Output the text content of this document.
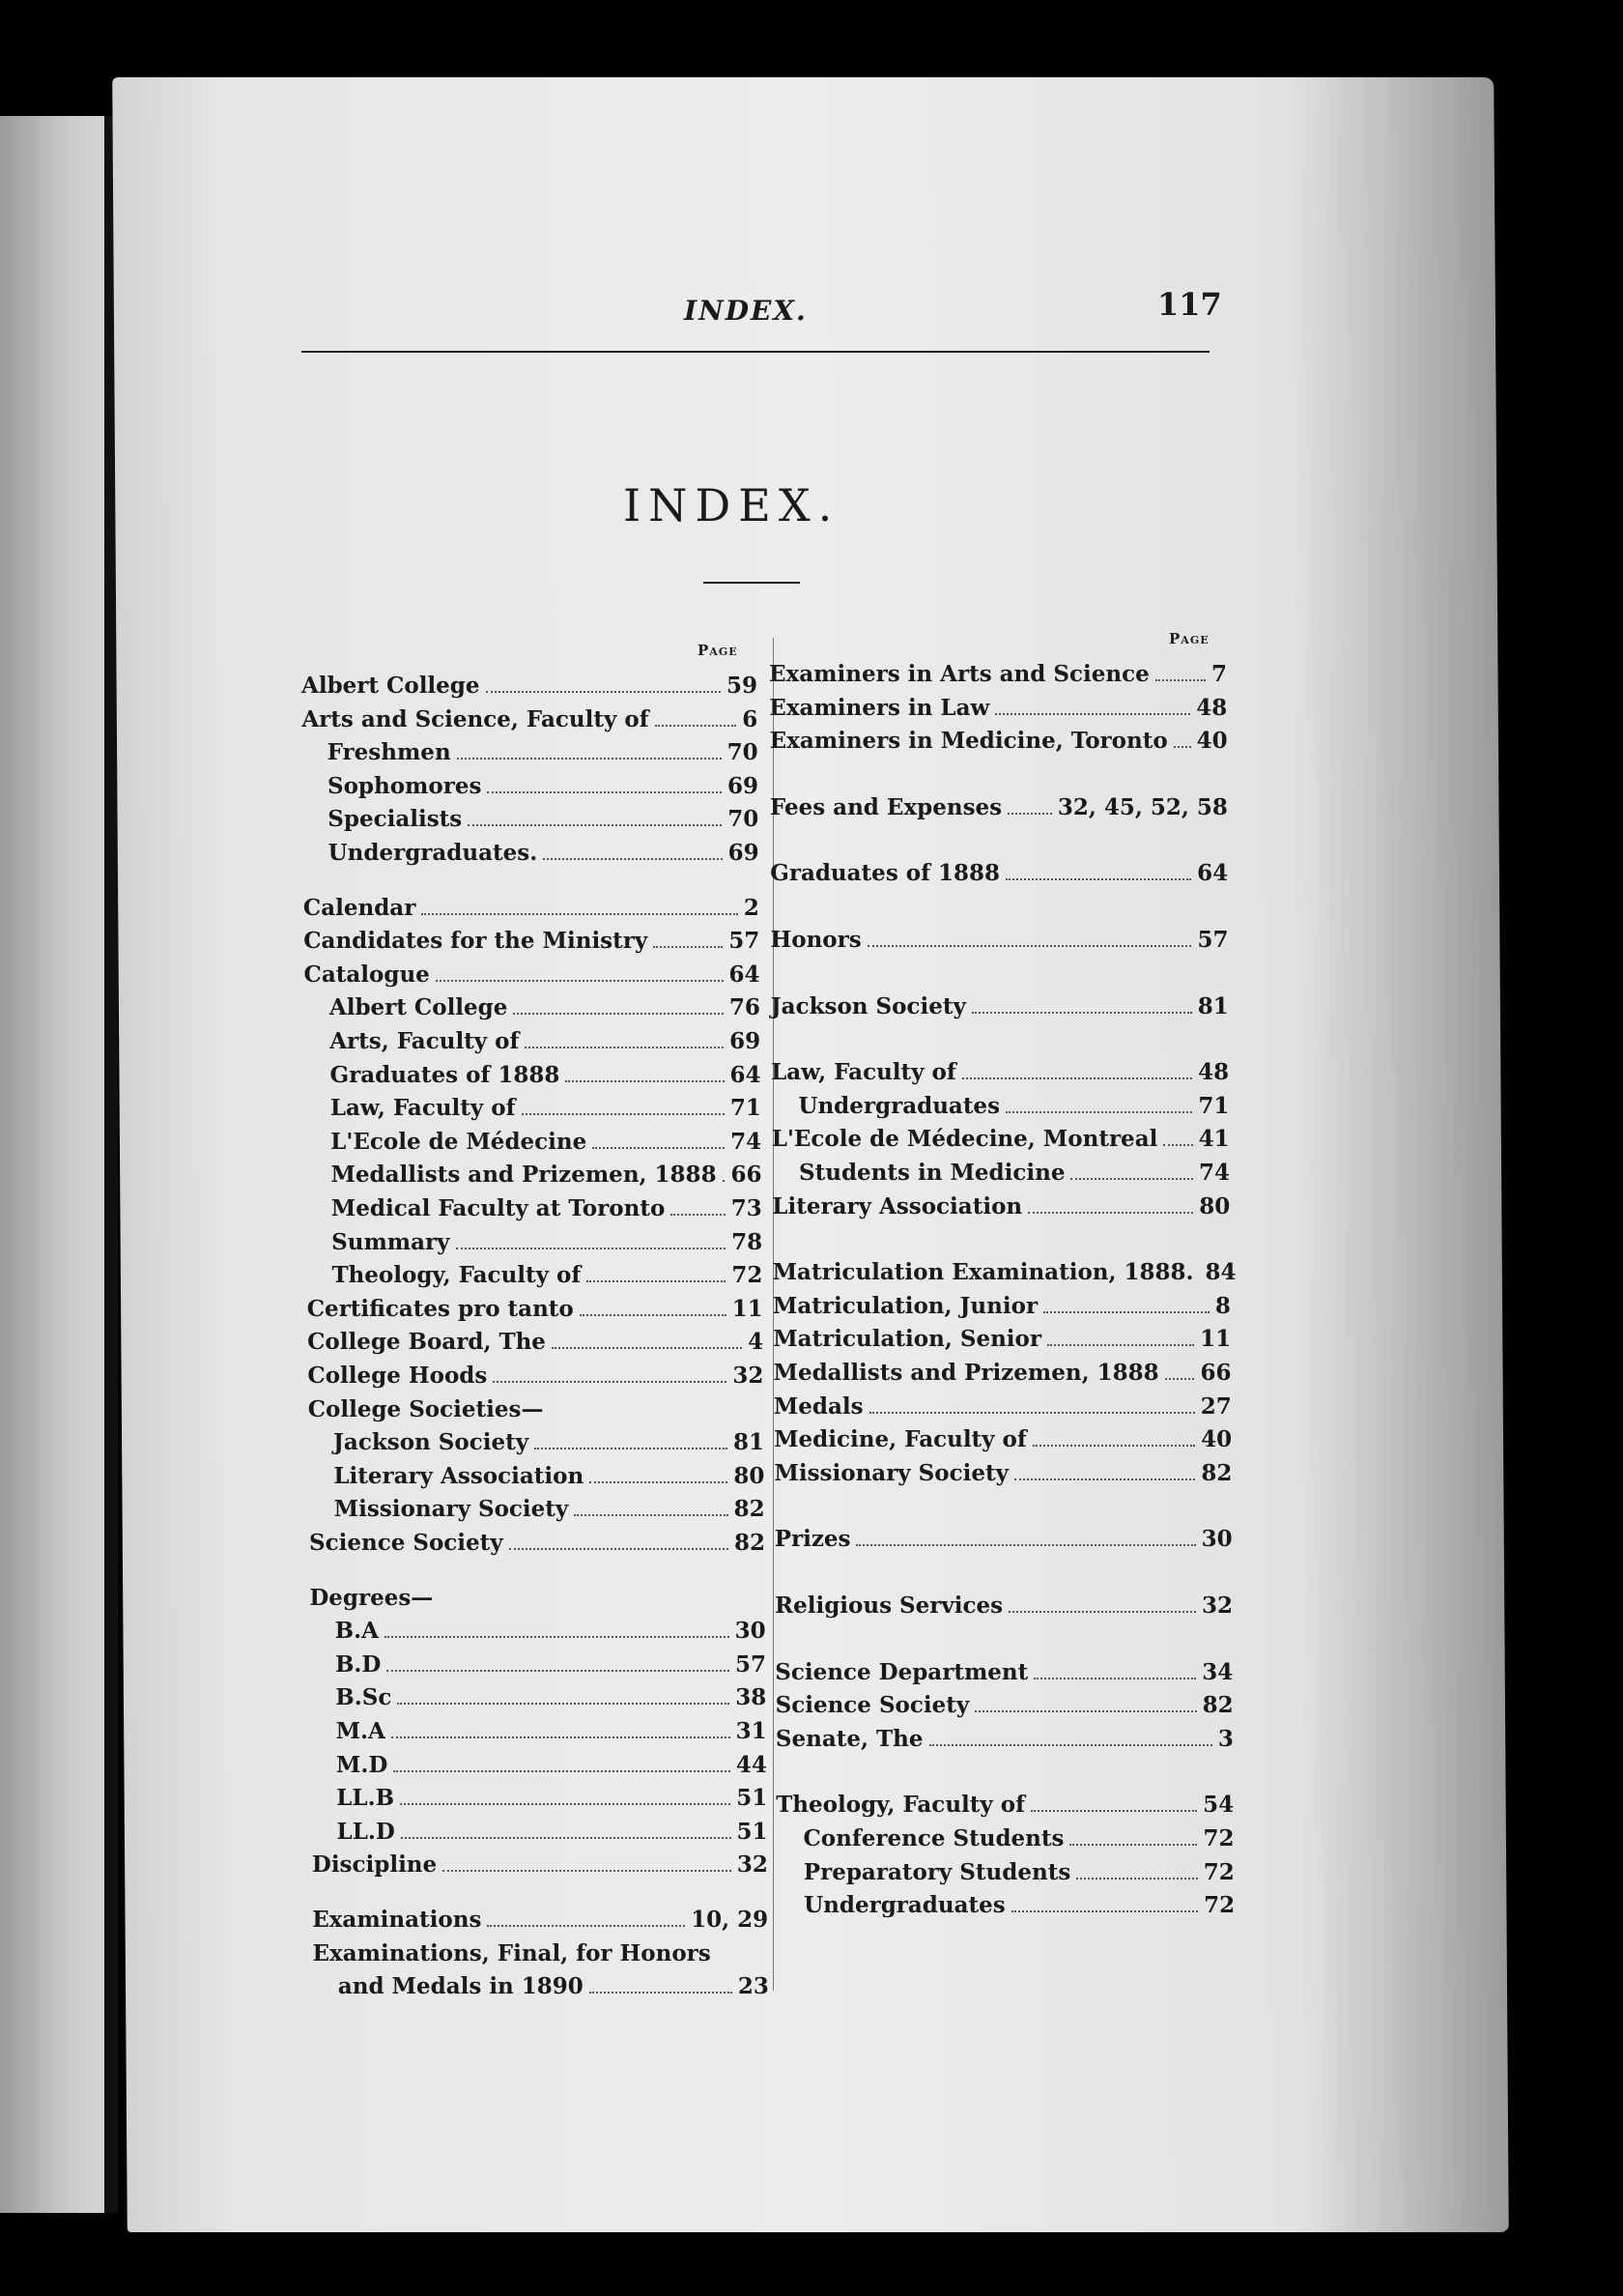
INDEX.	117
INDEX.
Page
Page
Albert College	59
Arts and Science, Faculty of	6
Freshmen	70
Sophomores	69
Specialists	70
Undergraduates.	69
Calendar	2
Candidates for the Ministry	57
Catalogue	64
Albert College	76
Arts, Faculty of	69
Graduates of 1888	64
Law, Faculty of	71
L'Ecole de Médecine	74
Medallists and Prizemen, 1888 66
Medical Faculty at Toronto	73
Summary	78
Theology, Faculty of	72
Certificates pro tanto	11
College Board, The	4
College Hoods	32
College Societies—
Jackson Society	81
Literary Association	80
Missionary Society	82
Science Society	82
Degrees—
B.A	30
B.D	57
B.Sc	38
M.A	31
M.D	44
LL.B	51
LL.D	51
Discipline	32
Examinations	10, 29
Examinations, Final, for Honors
and Medals in 1890	23
Examiners in Arts and Science	7
Examiners in Law	48
Examiners in Medicine, Toronto 40
Fees and Expenses	32, 45, 52, 58
Graduates of 1888	64
Honors	57
Jackson Society	81
Law, Faculty of	48
Undergraduates	71
L'Ecole de Médecine, Montreal 41
Students in Medicine	74
Literary Association	80
Matriculation Examination, 1888. 84
Matriculation, Junior	8
Matriculation, Senior	11
Medallists and Prizemen, 1888 66
Medals	27
Medicine, Faculty of	40
Missionary Society	82
Prizes	30
Religious Services	32
Science Department	34
Science Society	82
Senate, The	3
Theology, Faculty of	54
Conference Students	72
Preparatory Students	72
Undergraduates	72
